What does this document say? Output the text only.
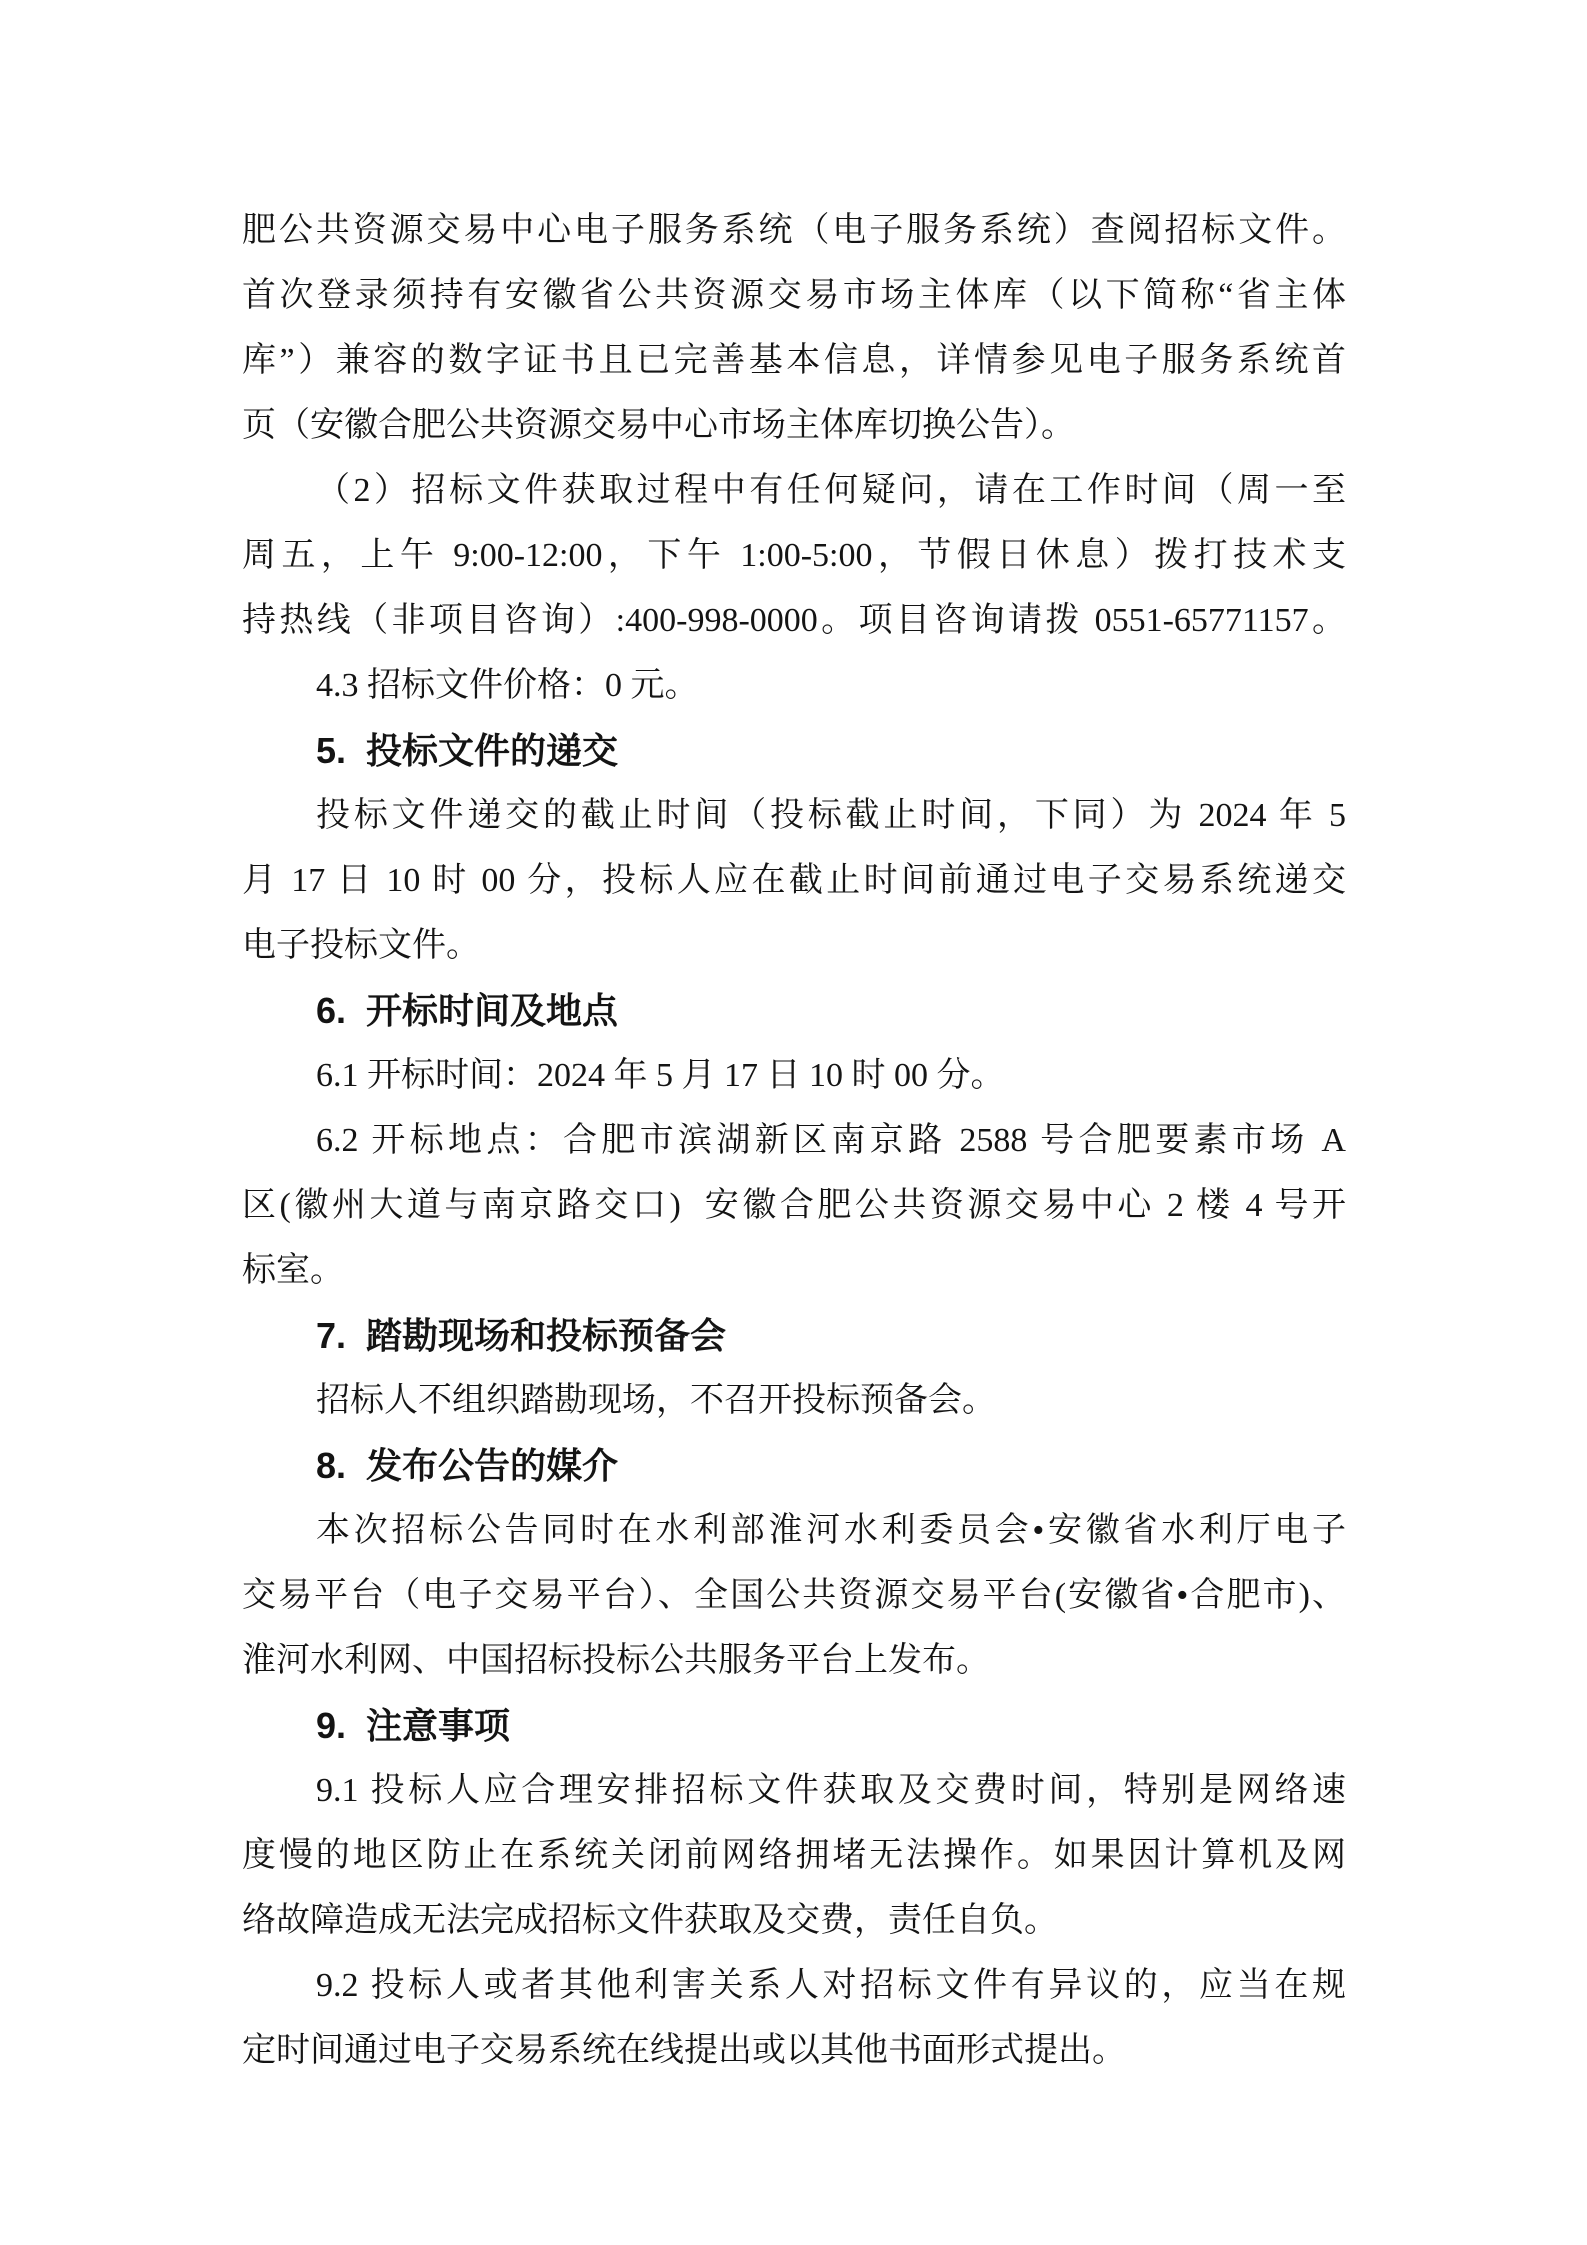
肥公共资源交易中心电子服务系统（电子服务系统）查阅招标文件。
首次登录须持有安徽省公共资源交易市场主体库（以下简称“省主体
库”）兼容的数字证书且已完善基本信息，详情参见电子服务系统首
页（安徽合肥公共资源交易中心市场主体库切换公告）。
（2）招标文件获取过程中有任何疑问，请在工作时间（周一至
周五，上午 9:00-12:00，下午 1:00-5:00，节假日休息）拨打技术支
持热线（非项目咨询）:400-998-0000。项目咨询请拨 0551-65771157。
4.3 招标文件价格：0 元。
5.  投标文件的递交
投标文件递交的截止时间（投标截止时间，下同）为 2024 年 5
月 17 日 10 时 00 分，投标人应在截止时间前通过电子交易系统递交
电子投标文件。
6.  开标时间及地点
6.1 开标时间：2024 年 5 月 17 日 10 时 00 分。
6.2 开标地点：合肥市滨湖新区南京路 2588 号合肥要素市场 A
区(徽州大道与南京路交口)  安徽合肥公共资源交易中心 2 楼 4 号开
标室。
7.  踏勘现场和投标预备会
招标人不组织踏勘现场，不召开投标预备会。
8.  发布公告的媒介
本次招标公告同时在水利部淮河水利委员会•安徽省水利厅电子
交易平台（电子交易平台）、全国公共资源交易平台(安徽省•合肥市)、
淮河水利网、中国招标投标公共服务平台上发布。
9.  注意事项
9.1 投标人应合理安排招标文件获取及交费时间，特别是网络速
度慢的地区防止在系统关闭前网络拥堵无法操作。如果因计算机及网
络故障造成无法完成招标文件获取及交费，责任自负。
9.2 投标人或者其他利害关系人对招标文件有异议的，应当在规
定时间通过电子交易系统在线提出或以其他书面形式提出。
